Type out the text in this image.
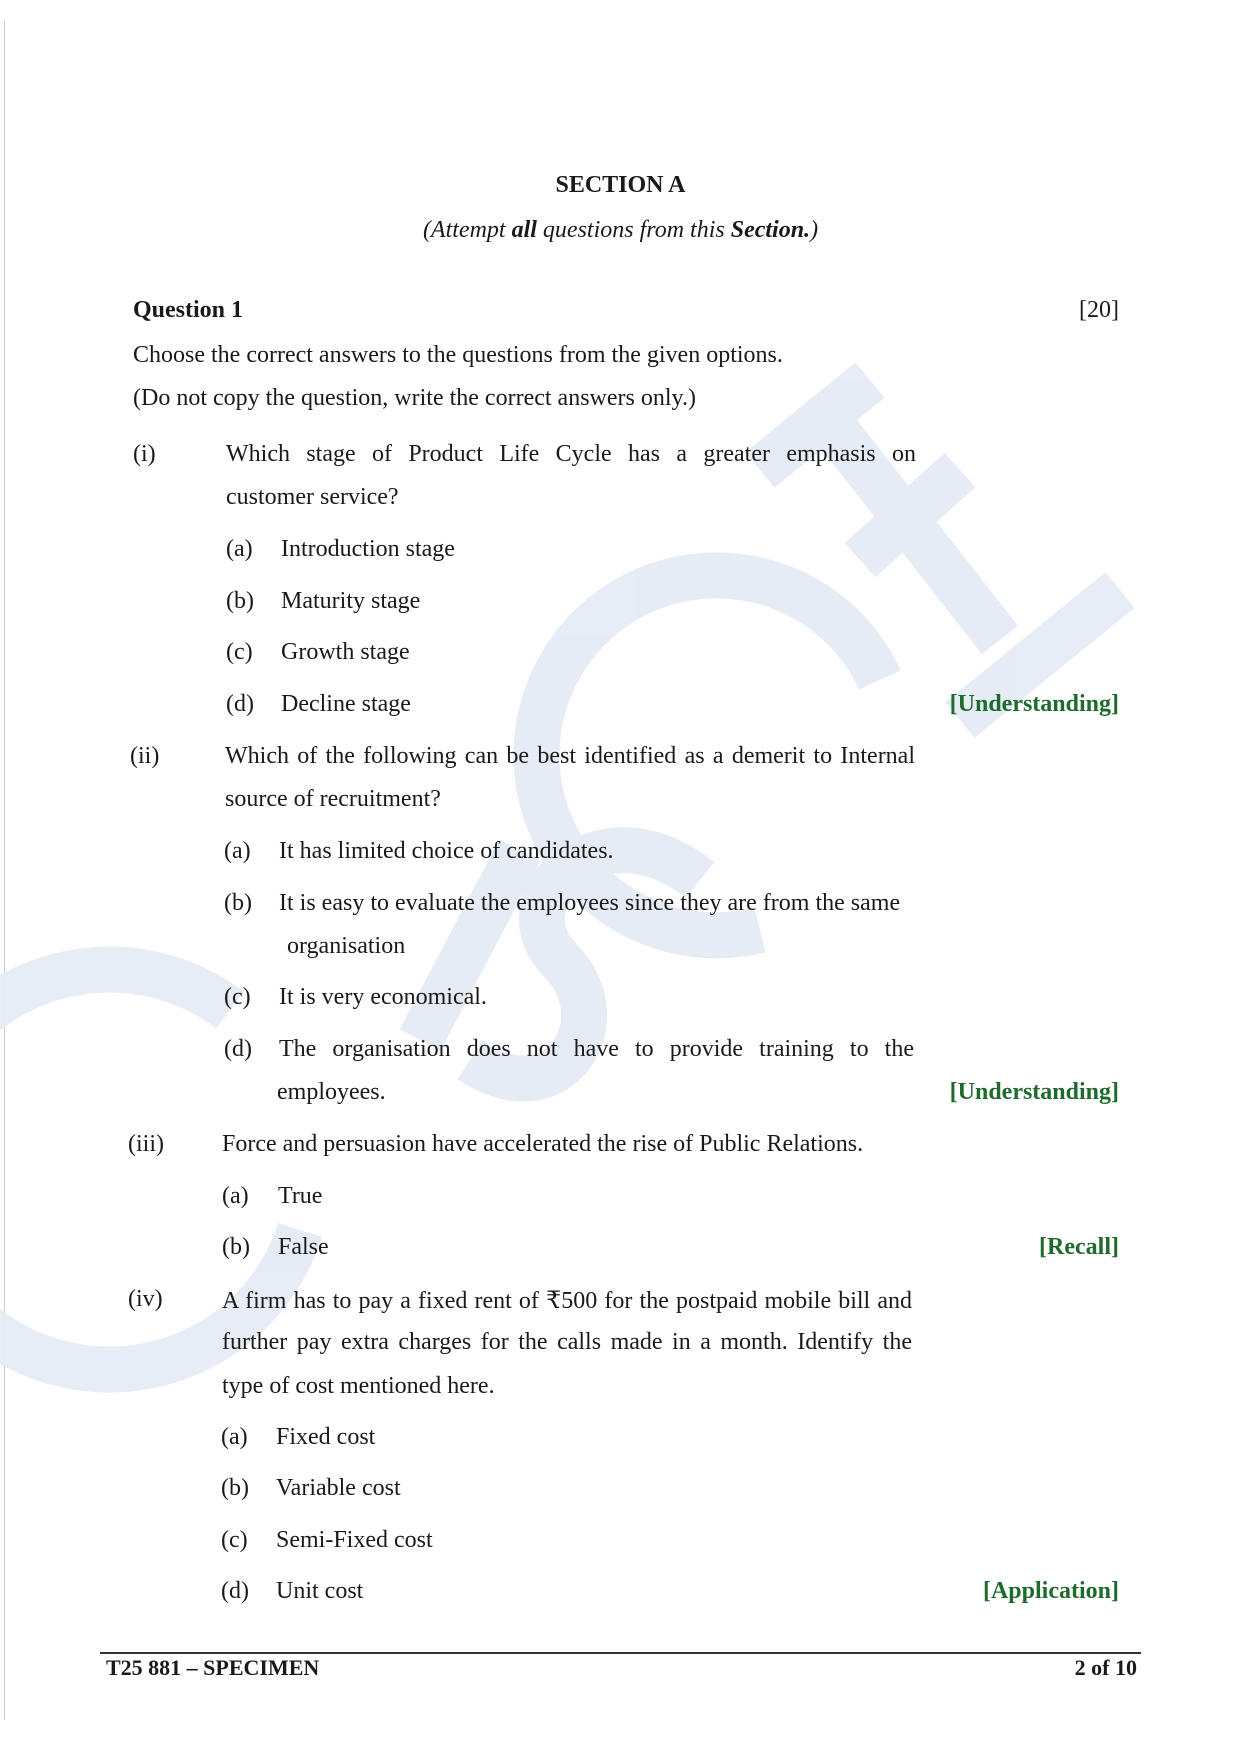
SECTION A
(Attempt all questions from this Section.)
Question 1	[20]
Choose the correct answers to the questions from the given options.
(Do not copy the question, write the correct answers only.)
(i)	Which stage of Product Life Cycle has a greater emphasis on
customer service?
(a) Introduction stage
(b) Maturity stage
(c) Growth stage
(d) Decline stage	[Understanding]
(ii)	Which of the following can be best identified as a demerit to Internal
source of recruitment?
(a) It has limited choice of candidates.
(b) It is easy to evaluate the employees since they are from the same
organisation
(c) It is very economical.
(d) The organisation does not have to provide training to the
employees.	[Understanding]
(iii) Force and persuasion have accelerated the rise of Public Relations.
(a) True
(b) False	[Recall]
(iv) A firm has to pay a fixed rent of ₹500 for the postpaid mobile bill and
further pay extra charges for the calls made in a month. Identify the
type of cost mentioned here.
(a) Fixed cost
(b) Variable cost
(c) Semi-Fixed cost
(d) Unit cost	[Application]
T25 881 – SPECIMEN	2 of 10
